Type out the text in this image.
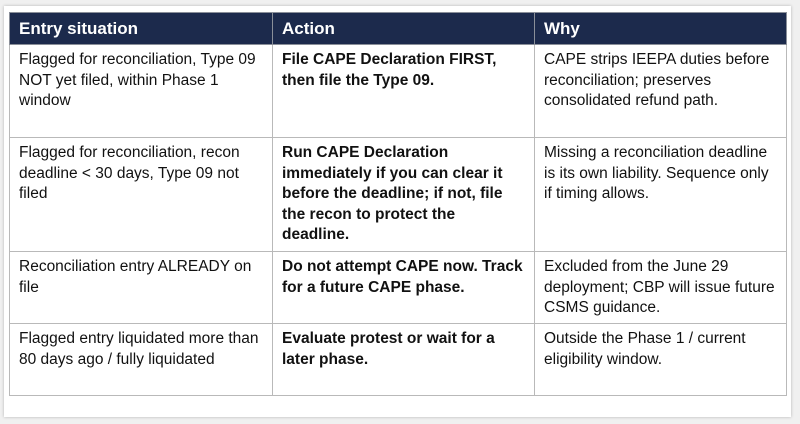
Entry situation	Action	Why
Flagged for reconciliation, Type 09 NOT yet filed, within Phase 1 window	File CAPE Declaration FIRST, then file the Type 09.	CAPE strips IEEPA duties before reconciliation; preserves consolidated refund path.
Flagged for reconciliation, recon deadline < 30 days, Type 09 not filed	Run CAPE Declaration immediately if you can clear it before the deadline; if not, file the recon to protect the deadline.	Missing a reconciliation deadline is its own liability. Sequence only if timing allows.
Reconciliation entry ALREADY on file	Do not attempt CAPE now. Track for a future CAPE phase.	Excluded from the June 29 deployment; CBP will issue future CSMS guidance.
Flagged entry liquidated more than 80 days ago / fully liquidated	Evaluate protest or wait for a later phase.	Outside the Phase 1 / current eligibility window.
